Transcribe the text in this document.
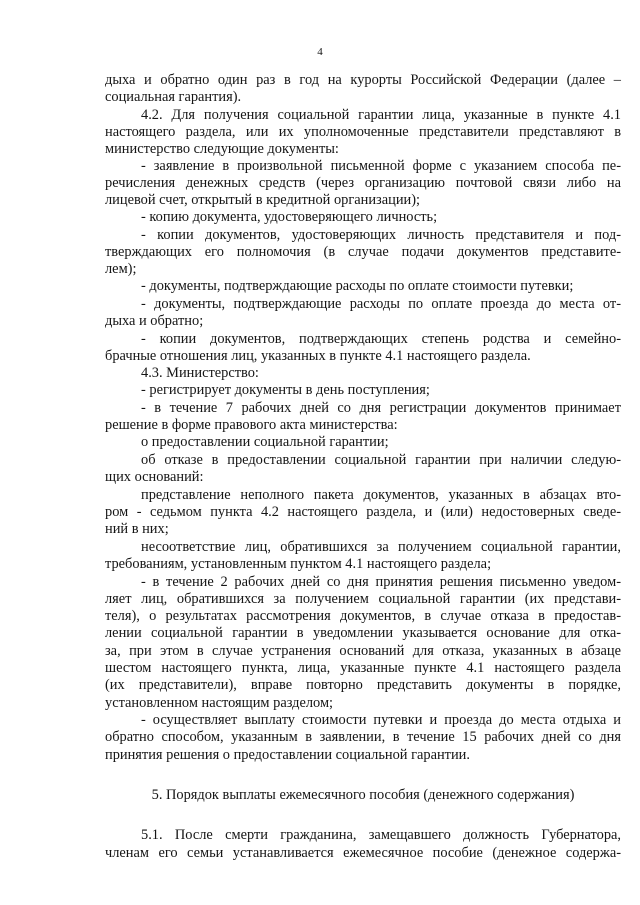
4
дыха и обратно один раз в год на курорты Российской Федерации (далее –
социальная гарантия).
4.2. Для получения социальной гарантии лица, указанные в пункте 4.1
настоящего раздела, или их уполномоченные представители представляют в
министерство следующие документы:
- заявление в произвольной письменной форме с указанием способа пе-
речисления денежных средств (через организацию почтовой связи либо на
лицевой счет, открытый в кредитной организации);
- копию документа, удостоверяющего личность;
- копии документов, удостоверяющих личность представителя и под-
тверждающих его полномочия (в случае подачи документов представите-
лем);
- документы, подтверждающие расходы по оплате стоимости путевки;
- документы, подтверждающие расходы по оплате проезда до места от-
дыха и обратно;
- копии документов, подтверждающих степень родства и семейно-
брачные отношения лиц, указанных в пункте 4.1 настоящего раздела.
4.3. Министерство:
- регистрирует документы в день поступления;
- в течение 7 рабочих дней со дня регистрации документов принимает
решение в форме правового акта министерства:
о предоставлении социальной гарантии;
об отказе в предоставлении социальной гарантии при наличии следую-
щих оснований:
представление неполного пакета документов, указанных в абзацах вто-
ром - седьмом пункта 4.2 настоящего раздела, и (или) недостоверных сведе-
ний в них;
несоответствие лиц, обратившихся за получением социальной гарантии,
требованиям, установленным пунктом 4.1 настоящего раздела;
- в течение 2 рабочих дней со дня принятия решения письменно уведом-
ляет лиц, обратившихся за получением социальной гарантии (их представи-
теля), о результатах рассмотрения документов, в случае отказа в предостав-
лении социальной гарантии в уведомлении указывается основание для отка-
за, при этом в случае устранения оснований для отказа, указанных в абзаце
шестом настоящего пункта, лица, указанные пункте 4.1 настоящего раздела
(их представители), вправе повторно представить документы в порядке,
установленном настоящим разделом;
- осуществляет выплату стоимости путевки и проезда до места отдыха и
обратно способом, указанным в заявлении, в течение 15 рабочих дней со дня
принятия решения о предоставлении социальной гарантии.
5. Порядок выплаты ежемесячного пособия (денежного содержания)
5.1. После смерти гражданина, замещавшего должность Губернатора,
членам его семьи устанавливается ежемесячное пособие (денежное содержа-
